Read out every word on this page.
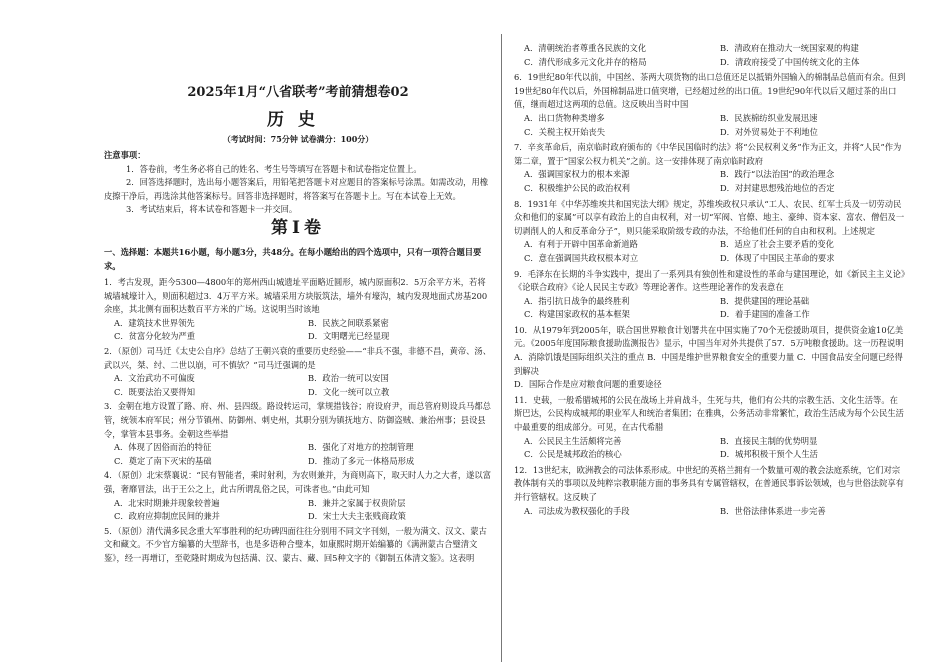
2025年1月“八省联考”考前猜想卷02
历史
（考试时间：75分钟 试卷满分：100分）

注意事项：

1．答卷前，考生务必将自己的姓名、考生号等填写在答题卡和试卷指定位置上。

2．回答选择题时，选出每小题答案后，用铅笔把答题卡对应题目的答案标号涂黑。如需改动，用橡皮擦干净后，再选涂其他答案标号。回答非选择题时，将答案写在答题卡上。写在本试卷上无效。

3．考试结束后，将本试卷和答题卡一并交回。

第Ⅰ卷

一、选择题：本题共16小题，每小题3分，共48分。在每小题给出的四个选项中，只有一项符合题目要求。

1．考古发现，距今5300—4800年的郑州西山城遗址平面略近圆形，城内原面积2．5万余平方米，若将城墙城壕计入，则面积超过3．4万平方米。城墙采用方块版筑法，墙外有壕沟，城内发现地面式房基200余座，其北侧有面积达数百平方米的广场。这说明当时该地

A．建筑技术世界领先	B．民族之间联系紧密
C．贫富分化较为严重	D．文明曙光已经显现

2．（原创）司马迁《太史公自序》总结了王朝兴衰的重要历史经验——“非兵不强，非德不昌，黄帝、汤、武以兴，桀、纣、二世以崩，可不慎欤？”司马迁强调的是

A．文治武功不可偏废	B．政治一统可以安国
C．既要法治又要得知	D．文化一统可以立教

3．金朝在地方设置了路、府、州、县四级。路设转运司，掌规措钱谷；府设府尹，而总管府则设兵马都总管，统领本府军民；州分节镇州、防御州、刺史州，其职分别为镇抚地方、防御盗贼、兼治州事；县设县令，掌管本县事务。金朝这些举措

A．体现了因俗而治的特征	B．强化了对地方的控制管理
C．奠定了南下灭宋的基础	D．推动了多元一体格局形成

4．（原创）北宋蔡襄说：“民有智能者，乘时射利，为农则兼并，为商则高下，取天时人力之大者，遂以富强，奢靡冒法，出于王公之上，此古所谓乱俗之民，可诛者也。”由此可知

A．北宋时期兼并现象较普遍	B．兼并之家属于权贵阶层
C．政府应抑制庶民间的兼并	D．宋士大夫主张贱商政策

5．（原创）清代满多民念重大军事胜利的纪功碑四面往往分别用不同文字刊刻，一般为满文、汉文、蒙古文和藏文。不少官方编纂的大型辞书，也是多语种合璧本，如康熙时期开始编纂的《满洲蒙古合璧清文鉴》，经一再增订，至乾隆时期成为包括满、汉、蒙古、藏、回5种文字的《御制五体清文鉴》。这表明

A．清朝统治者尊重各民族的文化	B．清政府在推动大一统国家观的构建
C．清代形成多元文化并存的格局	D．清政府接受了中国传统文化的主体

6．19世纪80年代以前，中国丝、茶两大项货物的出口总值还足以抵销外国输入的棉制品总值而有余。但到19世纪80年代以后，外国棉制品进口值突增，已经超过丝的出口值。19世纪90年代以后又超过茶的出口值，继而超过这两项的总值。这反映出当时中国

A．出口货物种类增多	B．民族棉纺织业发展迅速
C．关税主权开始丧失	D．对外贸易处于不利地位

7．辛亥革命后，南京临时政府颁布的《中华民国临时约法》将“公民权利义务”作为正文，并将“人民”作为第二章，置于“国家公权力机关”之前。这一安排体现了南京临时政府

A．强调国家权力的根本来源	B．践行“以法治国”的政治理念
C．积极维护公民的政治权利	D．对封建思想残治地位的否定

8．1931年《中华苏维埃共和国宪法大纲》规定，苏维埃政权只承认“工人、农民、红军士兵及一切劳动民众和他们的家属”可以享有政治上的自由权利，对一切“军阀、官僚、地主、豪绅、资本家、富农、僧侣及一切剥削人的人和反革命分子”，则只能采取阶级专政的办法，不给他们任何的自由和权利。上述规定

A．有利于开辟中国革命新道路	B．适应了社会主要矛盾的变化
C．意在强调国共政权根本对立	D．体现了中国民主革命的要求

9．毛泽东在长期的斗争实践中，提出了一系列具有独创性和建设性的革命与建国理论，如《新民主主义论》《论联合政府》《论人民民主专政》等理论著作。这些理论著作的发表意在

A．指引抗日战争的最终胜利	B．提供建国的理论基础
C．构建国家政权的基本框架	D．着手建国的准备工作

10．从1979年到2005年，联合国世界粮食计划署共在中国实施了70个无偿援助项目，提供资金逾10亿美元。《2005年度国际粮食援助监测报告》显示，中国当年对外共提供了57．5万吨粮食援助。这一历程说明

A．消除饥饿是国际组织关注的重点 B．中国是维护世界粮食安全的重要力量 C．中国食品安全问题已经得到解决

D．国际合作是应对粮食问题的重要途径

11．史载，一般希腊城邦的公民在战场上并肩战斗，生死与共，他们有公共的宗教生活、文化生活等。在斯巴达，公民构成城邦的职业军人和统治者集团；在雅典，公务活动非常繁忙，政治生活成为每个公民生活中最重要的组成部分。可见，在古代希腊

A．公民民主生活颇将完善	B．直接民主制的优势明显
C．公民是城邦政治的核心	D．城邦积极干预个人生活

12．13世纪末，欧洲教会的司法体系形成。中世纪的英格兰拥有一个数量可观的教会法庭系统，它们对宗教体制有关的事项以及纯粹宗教职能方面的事务具有专属管辖权，在普通民事诉讼领域，也与世俗法院享有并行管辖权。这反映了

A．司法成为教权强化的手段	B．世俗法律体系进一步完善
